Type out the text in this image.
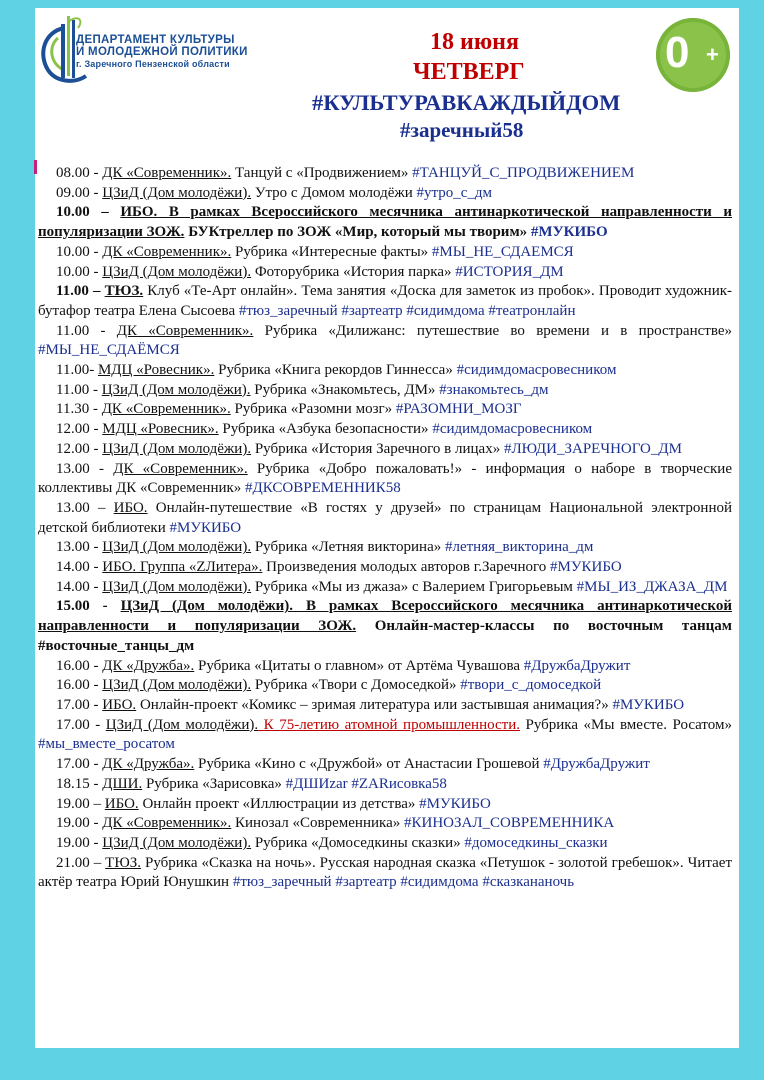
ДЕПАРТАМЕНТ КУЛЬТУРЫ
И МОЛОДЕЖНОЙ ПОЛИТИКИ
г. Заречного Пензенской области
18 июня
ЧЕТВЕРГ
#КУЛЬТУРАВКАЖДЫЙДОМ
#заречный58
0 +

08.00 - ДК «Современник». Танцуй с «Продвижением» #ТАНЦУЙ_С_ПРОДВИЖЕНИЕМ

09.00 - ЦЗиД (Дом молодёжи). Утро с Домом молодёжи #утро_с_дм

10.00 – ИБО. В рамках Всероссийского месячника антинаркотической направленности и популяризации ЗОЖ. БУКтреллер по ЗОЖ «Мир, который мы творим» #МУКИБО

10.00 - ДК «Современник». Рубрика «Интересные факты» #МЫ_НЕ_СДАЕМСЯ

10.00 - ЦЗиД (Дом молодёжи). Фоторубрика «История парка» #ИСТОРИЯ_ДМ

11.00 – ТЮЗ. Клуб «Те-Арт онлайн». Тема занятия «Доска для заметок из пробок». Проводит художник-бутафор театра Елена Сысоева #тюз_заречный #зартеатр #сидимдома #театронлайн

11.00 - ДК «Современник». Рубрика «Дилижанс: путешествие во времени и в пространстве» #МЫ_НЕ_СДАЁМСЯ

11.00- МДЦ «Ровесник». Рубрика «Книга рекордов Гиннесса» #сидимдомасровесником

11.00 - ЦЗиД (Дом молодёжи). Рубрика «Знакомьтесь, ДМ» #знакомьтесь_дм

11.30 - ДК «Современник». Рубрика «Разомни мозг» #РАЗОМНИ_МОЗГ

12.00 - МДЦ «Ровесник». Рубрика «Азбука безопасности» #сидимдомасровесником

12.00 - ЦЗиД (Дом молодёжи). Рубрика «История Заречного в лицах» #ЛЮДИ_ЗАРЕЧНОГО_ДМ

13.00 - ДК «Современник». Рубрика «Добро пожаловать!» - информация о наборе в творческие коллективы ДК «Современник» #ДКСОВРЕМЕННИК58

13.00 – ИБО. Онлайн-путешествие «В гостях у друзей» по страницам Национальной электронной детской библиотеки #МУКИБО

13.00 - ЦЗиД (Дом молодёжи). Рубрика «Летняя викторина» #летняя_викторина_дм

14.00 - ИБО. Группа «ZЛитера». Произведения молодых авторов г.Заречного #МУКИБО

14.00 - ЦЗиД (Дом молодёжи). Рубрика «Мы из джаза» с Валерием Григорьевым #МЫ_ИЗ_ДЖАЗА_ДМ

15.00 - ЦЗиД (Дом молодёжи). В рамках Всероссийского месячника антинаркотической направленности и популяризации ЗОЖ. Онлайн-мастер-классы по восточным танцам #восточные_танцы_дм

16.00 - ДК «Дружба». Рубрика «Цитаты о главном» от Артёма Чувашова #ДружбаДружит

16.00 - ЦЗиД (Дом молодёжи). Рубрика «Твори с Домоседкой» #твори_с_домоседкой

17.00 - ИБО. Онлайн-проект «Комикс – зримая литература или застывшая анимация?» #МУКИБО

17.00 - ЦЗиД (Дом молодёжи). К 75-летию атомной промышленности. Рубрика «Мы вместе. Росатом» #мы_вместе_росатом

17.00 - ДК «Дружба». Рубрика «Кино с «Дружбой» от Анастасии Грошевой #ДружбаДружит

18.15 - ДШИ. Рубрика «Зарисовка» #ДШИzar #ZARисовка58

19.00 – ИБО. Онлайн проект «Иллюстрации из детства» #МУКИБО

19.00 - ДК «Современник». Кинозал «Современника» #КИНОЗАЛ_СОВРЕМЕННИКА

19.00 - ЦЗиД (Дом молодёжи). Рубрика «Домоседкины сказки» #домоседкины_сказки

21.00 – ТЮЗ. Рубрика «Сказка на ночь». Русская народная сказка «Петушок - золотой гребешок». Читает актёр театра Юрий Юнушкин #тюз_заречный #зартеатр #сидимдома #сказкананочь
